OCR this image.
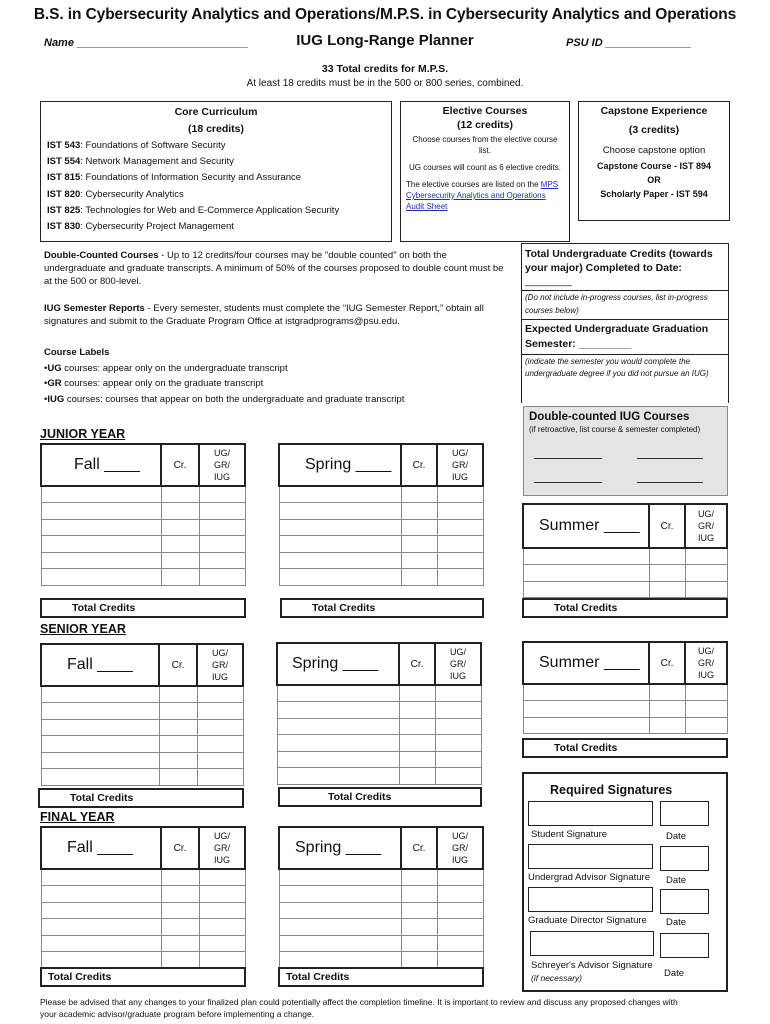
B.S. in Cybersecurity Analytics and Operations/M.P.S. in Cybersecurity Analytics and Operations
Name ____________________________	IUG Long-Range Planner	PSU ID ______________
33 Total credits for M.P.S.
At least 18 credits must be in the 500 or 800 series, combined.
Core Curriculum
(18 credits)
IST 543: Foundations of Software Security
IST 554: Network Management and Security
IST 815: Foundations of Information Security and Assurance
IST 820: Cybersecurity Analytics
IST 825: Technologies for Web and E-Commerce Application Security
IST 830: Cybersecurity Project Management
Elective Courses
(12 credits)
Choose courses from the elective course list.
UG courses will count as 6 elective credits.
The elective courses are listed on the MPS Cybersecurity Analytics and Operations Audit Sheet
Capstone Experience
(3 credits)
Choose capstone option
Capstone Course - IST 894
OR
Scholarly Paper - IST 594
Double-Counted Courses - Up to 12 credits/four courses may be "double counted" on both the undergraduate and graduate transcripts. A minimum of 50% of the courses proposed to double count must be at the 500 or 800-level.
IUG Semester Reports - Every semester, students must complete the “IUG Semester Report,” obtain all signatures and submit to the Graduate Program Office at istgradprograms@psu.edu.
Course Labels
•UG courses: appear only on the undergraduate transcript
•GR courses: appear only on the graduate transcript
•IUG courses: courses that appear on both the undergraduate and graduate transcript
Total Undergraduate Credits (towards your major) Completed to Date:
________
(Do not include in-progress courses, list in-progress courses below)
Expected Undergraduate Graduation Semester: _________
(indicate the semester you would complete the undergraduate degree if you did not pursue an IUG)
Double-counted IUG Courses
(if retroactive, list course & semester completed)
JUNIOR YEAR
Fall ____	Cr.	UG/
GR/
IUG

Total Credits
Spring ____	Cr.	UG/
GR/
IUG

Total Credits
Summer ____	Cr.	UG/
GR/
IUG

Total Credits
SENIOR YEAR
Fall ____	Cr.	UG/
GR/
IUG

Total Credits
Spring ____	Cr.	UG/
GR/
IUG

Total Credits
Summer ____	Cr.	UG/
GR/
IUG

Total Credits
FINAL YEAR
Fall ____	Cr.	UG/
GR/
IUG

Total Credits
Spring ____	Cr.	UG/
GR/
IUG

Total Credits
Required Signatures
Student Signature	Date
Undergrad Advisor Signature Date
Graduate Director Signature Date
Schreyer's Advisor Signature (if necessary)	Date
Please be advised that any changes to your finalized plan could potentially affect the completion timeline. It is important to review and discuss any proposed changes with your academic advisor/graduate program before implementing a change.
